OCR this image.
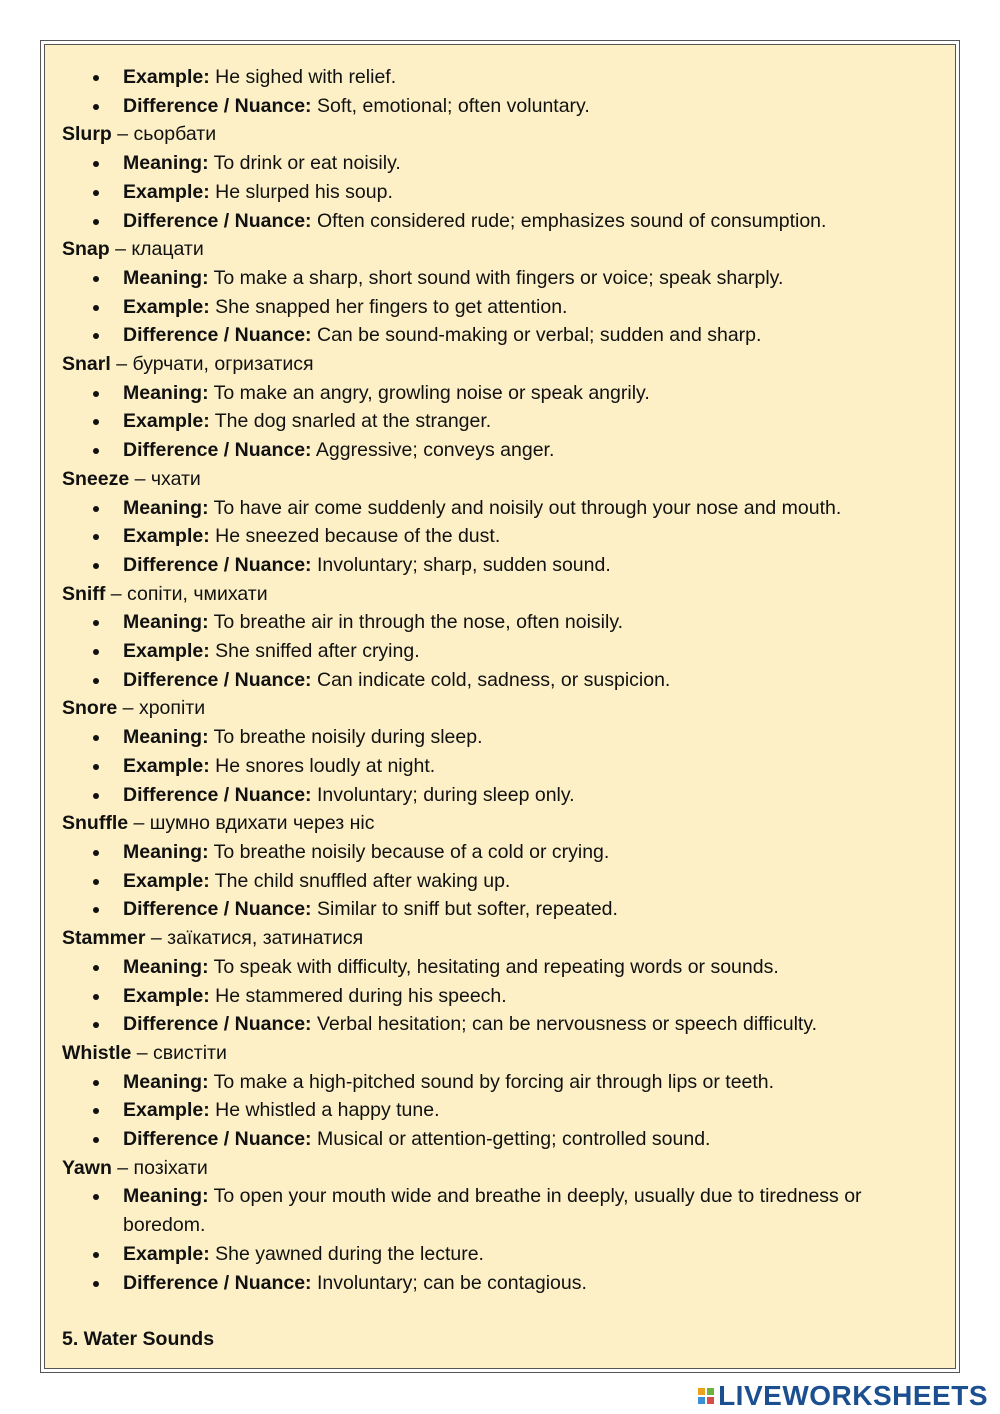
Example: He sighed with relief.
Difference / Nuance: Soft, emotional; often voluntary.
Slurp – сьорбати
Meaning: To drink or eat noisily.
Example: He slurped his soup.
Difference / Nuance: Often considered rude; emphasizes sound of consumption.
Snap – клацати
Meaning: To make a sharp, short sound with fingers or voice; speak sharply.
Example: She snapped her fingers to get attention.
Difference / Nuance: Can be sound-making or verbal; sudden and sharp.
Snarl – бурчати, огризатися
Meaning: To make an angry, growling noise or speak angrily.
Example: The dog snarled at the stranger.
Difference / Nuance: Aggressive; conveys anger.
Sneeze – чхати
Meaning: To have air come suddenly and noisily out through your nose and mouth.
Example: He sneezed because of the dust.
Difference / Nuance: Involuntary; sharp, sudden sound.
Sniff – сопіти, чмихати
Meaning: To breathe air in through the nose, often noisily.
Example: She sniffed after crying.
Difference / Nuance: Can indicate cold, sadness, or suspicion.
Snore – хропіти
Meaning: To breathe noisily during sleep.
Example: He snores loudly at night.
Difference / Nuance: Involuntary; during sleep only.
Snuffle – шумно вдихати через ніс
Meaning: To breathe noisily because of a cold or crying.
Example: The child snuffled after waking up.
Difference / Nuance: Similar to sniff but softer, repeated.
Stammer – заїкатися, затинатися
Meaning: To speak with difficulty, hesitating and repeating words or sounds.
Example: He stammered during his speech.
Difference / Nuance: Verbal hesitation; can be nervousness or speech difficulty.
Whistle – свистіти
Meaning: To make a high-pitched sound by forcing air through lips or teeth.
Example: He whistled a happy tune.
Difference / Nuance: Musical or attention-getting; controlled sound.
Yawn – позіхати
Meaning: To open your mouth wide and breathe in deeply, usually due to tiredness or boredom.
Example: She yawned during the lecture.
Difference / Nuance: Involuntary; can be contagious.
5. Water Sounds
LIVEWORKSHEETS
